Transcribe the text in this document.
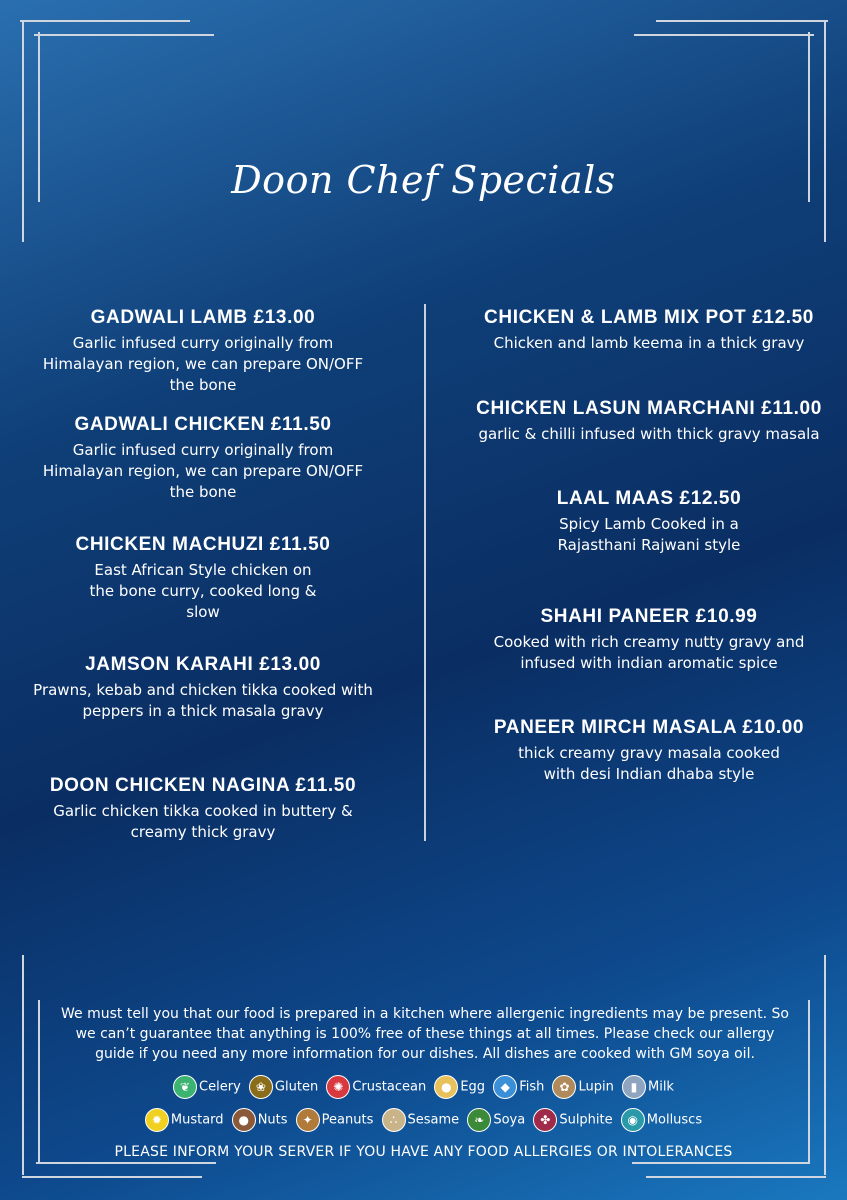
Doon Chef Specials
GADWALI LAMB £13.00
Garlic infused curry originally from Himalayan region, we can prepare ON/OFF the bone
GADWALI CHICKEN £11.50
Garlic infused curry originally from Himalayan region, we can prepare ON/OFF the bone
CHICKEN MACHUZI £11.50
East African Style chicken on the bone curry, cooked long & slow
JAMSON KARAHI £13.00
Prawns, kebab and chicken tikka cooked with peppers in a thick masala gravy
DOON CHICKEN NAGINA £11.50
Garlic chicken tikka cooked in buttery & creamy thick gravy
CHICKEN & LAMB MIX POT £12.50
Chicken and lamb keema in a thick gravy
CHICKEN LASUN MARCHANI £11.00
garlic & chilli infused with thick gravy masala
LAAL MAAS £12.50
Spicy Lamb Cooked in a Rajasthani Rajwani style
SHAHI PANEER £10.99
Cooked with rich creamy nutty gravy and infused with indian aromatic spice
PANEER MIRCH MASALA £10.00
thick creamy gravy masala cooked with desi Indian dhaba style
We must tell you that our food is prepared in a kitchen where allergenic ingredients may be present. So we can’t guarantee that anything is 100% free of these things at all times. Please check our allergy guide if you need any more information for our dishes. All dishes are cooked with GM soya oil.
❦ Celery ❀ Gluten ✺ Crustacean ● Egg ◆ Fish ✿ Lupin ▮ Milk
✹ Mustard ● Nuts ✦ Peanuts ∴ Sesame ❧ Soya ✤ Sulphite ◉ Molluscs
PLEASE INFORM YOUR SERVER IF YOU HAVE ANY FOOD ALLERGIES OR INTOLERANCES
